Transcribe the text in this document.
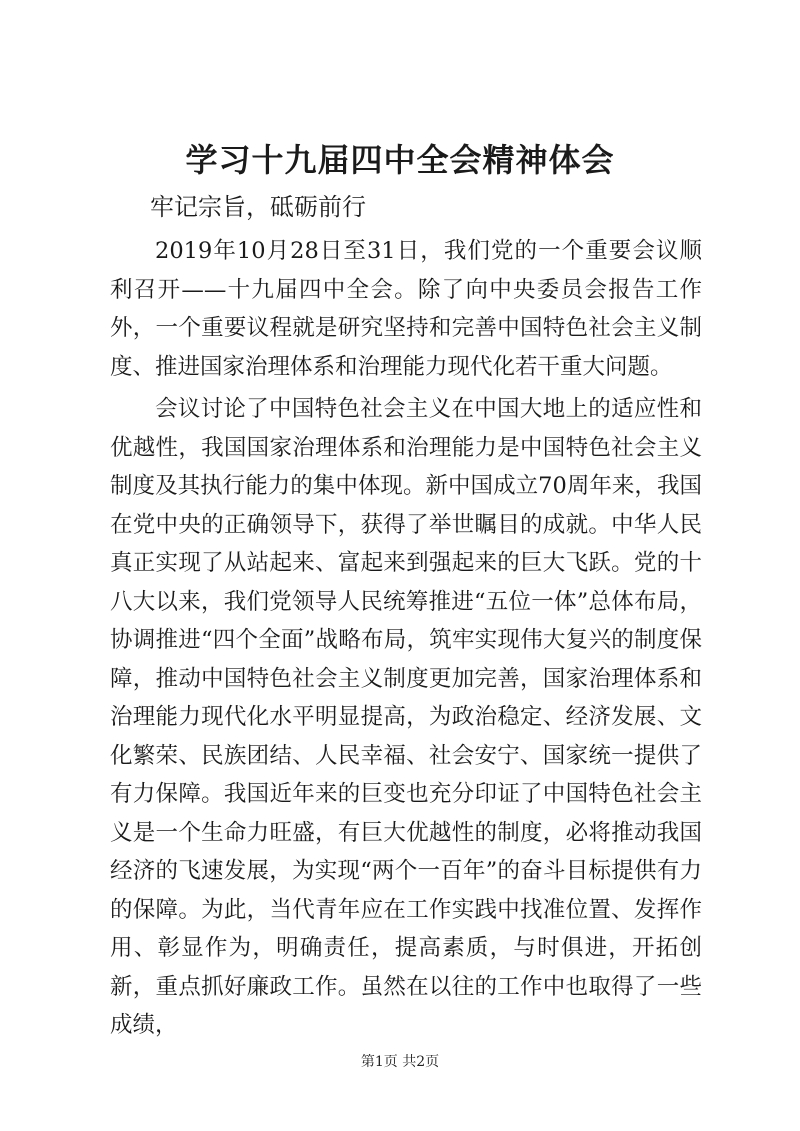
学习十九届四中全会精神体会

牢记宗旨，砥砺前行

2019年10月28日至31日，我们党的一个重要会议顺利召开——十九届四中全会。除了向中央委员会报告工作外，一个重要议程就是研究坚持和完善中国特色社会主义制度、推进国家治理体系和治理能力现代化若干重大问题。

会议讨论了中国特色社会主义在中国大地上的适应性和优越性，我国国家治理体系和治理能力是中国特色社会主义制度及其执行能力的集中体现。新中国成立70周年来，我国在党中央的正确领导下，获得了举世瞩目的成就。中华人民真正实现了从站起来、富起来到强起来的巨大飞跃。党的十八大以来，我们党领导人民统筹推进“五位一体”总体布局，协调推进“四个全面”战略布局，筑牢实现伟大复兴的制度保障，推动中国特色社会主义制度更加完善，国家治理体系和治理能力现代化水平明显提高，为政治稳定、经济发展、文化繁荣、民族团结、人民幸福、社会安宁、国家统一提供了有力保障。我国近年来的巨变也充分印证了中国特色社会主义是一个生命力旺盛，有巨大优越性的制度，必将推动我国经济的飞速发展，为实现“两个一百年”的奋斗目标提供有力的保障。为此，当代青年应在工作实践中找准位置、发挥作用、彰显作为，明确责任，提高素质，与时俱进，开拓创新，重点抓好廉政工作。虽然在以往的工作中也取得了一些成绩，

第1页 共2页
